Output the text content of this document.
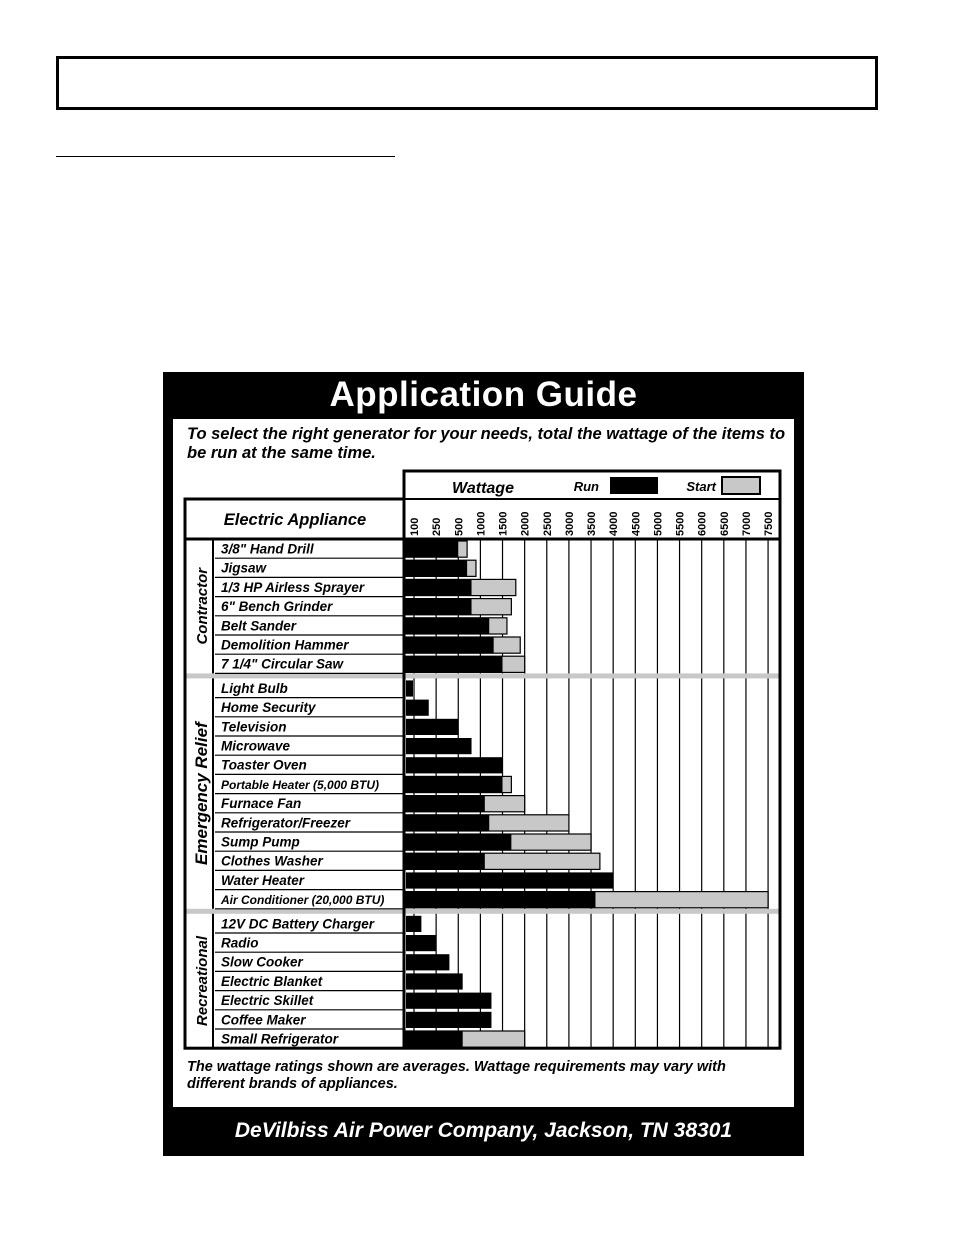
Application Guide

To select the right generator for your needs, total the wattage of the items to be run at the same time.

Wattage	Run	Start
100 250 500 1000 1500 2000 2500 3000 3500 4000 4500 5000 5500 6000 6500 7000 7500
Electric Appliance
3/8" Hand Drill
Jigsaw
1/3 HP Airless Sprayer
6" Bench Grinder
Belt Sander
Demolition Hammer
7 1/4" Circular Saw
Light Bulb
Home Security
Television
Microwave
Toaster Oven
Portable Heater (5,000 BTU)
Furnace Fan
Refrigerator/Freezer
Sump Pump
Clothes Washer
Water Heater
Air Conditioner (20,000 BTU)
12V DC Battery Charger
Radio
Slow Cooker
Electric Blanket
Electric Skillet
Coffee Maker
Small Refrigerator
Contractor
Emergency Relief
Recreational

The wattage ratings shown are averages. Wattage requirements may vary with different brands of appliances.

DeVilbiss Air Power Company, Jackson, TN 38301
